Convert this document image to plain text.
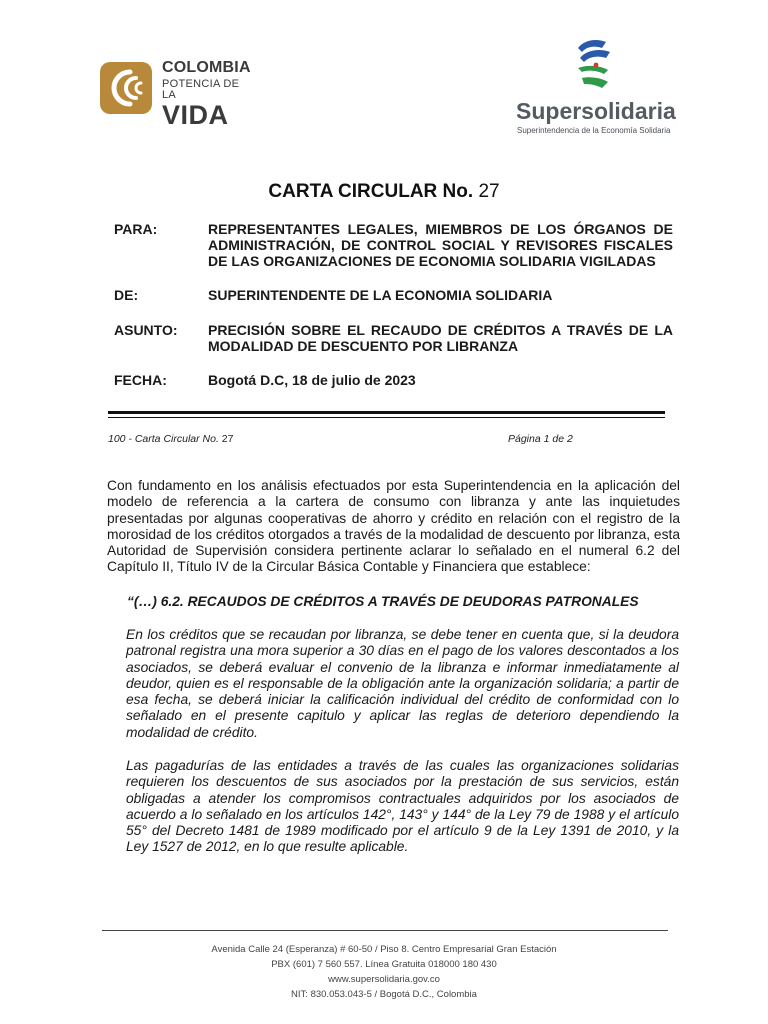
COLOMBIA
POTENCIA DE LA
VIDA	Supersolidaria
Superintendencia de la Economía Solidaria
CARTA CIRCULAR No. 27
PARA:	REPRESENTANTES LEGALES, MIEMBROS DE LOS ÓRGANOS DE ADMINISTRACIÓN, DE CONTROL SOCIAL Y REVISORES FISCALES DE LAS ORGANIZACIONES DE ECONOMIA SOLIDARIA VIGILADAS
DE:	SUPERINTENDENTE DE LA ECONOMIA SOLIDARIA
ASUNTO: PRECISIÓN SOBRE EL RECAUDO DE CRÉDITOS A TRAVÉS DE LA MODALIDAD DE DESCUENTO POR LIBRANZA
FECHA:	Bogotá D.C, 18 de julio de 2023
100 - Carta Circular No. 27	Página 1 de 2
Con fundamento en los análisis efectuados por esta Superintendencia en la aplicación del modelo de referencia a la cartera de consumo con libranza y ante las inquietudes presentadas por algunas cooperativas de ahorro y crédito en relación con el registro de la morosidad de los créditos otorgados a través de la modalidad de descuento por libranza, esta Autoridad de Supervisión considera pertinente aclarar lo señalado en el numeral 6.2 del Capítulo II, Título IV de la Circular Básica Contable y Financiera que establece:
“(…) 6.2. RECAUDOS DE CRÉDITOS A TRAVÉS DE DEUDORAS PATRONALES
En los créditos que se recaudan por libranza, se debe tener en cuenta que, si la deudora patronal registra una mora superior a 30 días en el pago de los valores descontados a los asociados, se deberá evaluar el convenio de la libranza e informar inmediatamente al deudor, quien es el responsable de la obligación ante la organización solidaria; a partir de esa fecha, se deberá iniciar la calificación individual del crédito de conformidad con lo señalado en el presente capitulo y aplicar las reglas de deterioro dependiendo la modalidad de crédito.
Las pagadurías de las entidades a través de las cuales las organizaciones solidarias requieren los descuentos de sus asociados por la prestación de sus servicios, están obligadas a atender los compromisos contractuales adquiridos por los asociados de acuerdo a lo señalado en los artículos 142°, 143° y 144° de la Ley 79 de 1988 y el artículo 55° del Decreto 1481 de 1989 modificado por el artículo 9 de la Ley 1391 de 2010, y la Ley 1527 de 2012, en lo que resulte aplicable.
Avenida Calle 24 (Esperanza) # 60-50 / Piso 8. Centro Empresarial Gran Estación
PBX (601) 7 560 557. Línea Gratuita 018000 180 430
www.supersolidaria.gov.co
NIT: 830.053.043-5 / Bogotá D.C., Colombia
